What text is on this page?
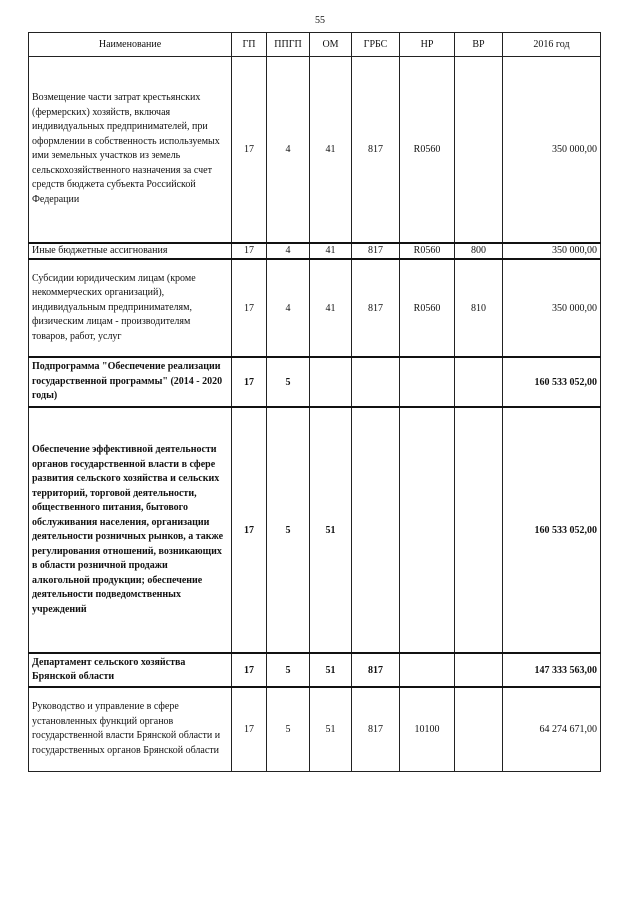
55
Наименование	ГП	ППГП	ОМ	ГРБС	НР	ВР	2016 год
Возмещение части затрат крестьянских (фермерских) хозяйств, включая индивидуальных предпринимателей, при оформлении в собственность используемых ими земельных участков из земель сельскохозяйственного назначения за счет средств бюджета субъекта Российской Федерации	17	4	41	817	R0560		350 000,00
Иные бюджетные ассигнования	17	4	41	817	R0560	800	350 000,00
Субсидии юридическим лицам (кроме некоммерческих организаций), индивидуальным предпринимателям, физическим лицам - производителям товаров, работ, услуг	17	4	41	817	R0560	810	350 000,00
Подпрограмма "Обеспечение реализации государственной программы" (2014 - 2020 годы)	17	5					160 533 052,00
Обеспечение эффективной деятельности органов государственной власти в сфере развития сельского хозяйства и сельских территорий, торговой деятельности, общественного питания, бытового обслуживания населения, организации деятельности розничных рынков, а также регулирования отношений, возникающих в области розничной продажи алкогольной продукции; обеспечение деятельности подведомственных учреждений	17	5	51				160 533 052,00
Департамент сельского хозяйства Брянской области	17	5	51	817			147 333 563,00
Руководство и управление в сфере установленных функций органов государственной власти Брянской области и государственных органов Брянской области	17	5	51	817	10100		64 274 671,00
